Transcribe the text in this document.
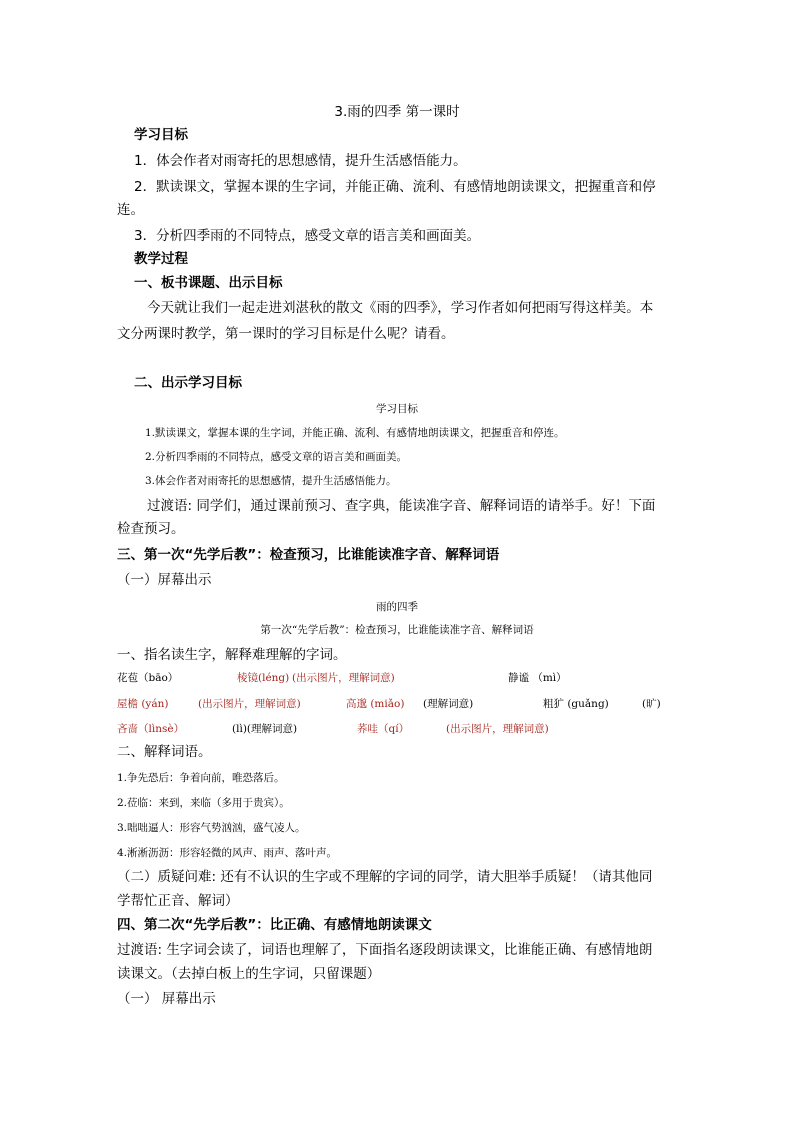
3.雨的四季 第一课时
学习目标
1．体会作者对雨寄托的思想感情，提升生活感悟能力。
2．默读课文，掌握本课的生字词，并能正确、流利、有感情地朗读课文，把握重音和停
连。
3．分析四季雨的不同特点，感受文章的语言美和画面美。
教学过程
一、板书课题、出示目标
今天就让我们一起走进刘湛秋的散文《雨的四季》，学习作者如何把雨写得这样美。本
文分两课时教学，第一课时的学习目标是什么呢？请看。
二、出示学习目标
学习目标
1.默读课文，掌握本课的生字词，并能正确、流利、有感情地朗读课文，把握重音和停连。
2.分析四季雨的不同特点，感受文章的语言美和画面美。
3.体会作者对雨寄托的思想感情，提升生活感悟能力。
过渡语: 同学们，通过课前预习、查字典，能读准字音、解释词语的请举手。好！下面
检查预习。
三、第一次“先学后教”：检查预习，比谁能读准字音、解释词语
（一）屏幕出示
雨的四季
第一次“先学后教”：检查预习，比谁能读准字音、解释词语
一、指名读生字，解释难理解的字词。
花苞（bāo）	棱镜(léng) (出示图片，理解词意)	静谧 （mì）
屋檐 (yán)	(出示图片，理解词意)	高邈 (miǎo) (理解词意)	粗犷 (guǎng)	(旷)
吝啬（lìnsè）	(lì)(理解词意)	荞哇（qí）	(出示图片，理解词意)
二、解释词语。
1.争先恐后：争着向前，唯恐落后。
2.莅临：来到，来临（多用于贵宾）。
3.咄咄逼人：形容气势汹汹，盛气凌人。
4.淅淅沥沥：形容轻微的风声、雨声、落叶声。
（二）质疑问难: 还有不认识的生字或不理解的字词的同学，请大胆举手质疑！（请其他同
学帮忙正音、解词）
四、第二次“先学后教”：比正确、有感情地朗读课文
过渡语: 生字词会读了，词语也理解了，下面指名逐段朗读课文，比谁能正确、有感情地朗
读课文。（去掉白板上的生字词，只留课题）
（一） 屏幕出示
